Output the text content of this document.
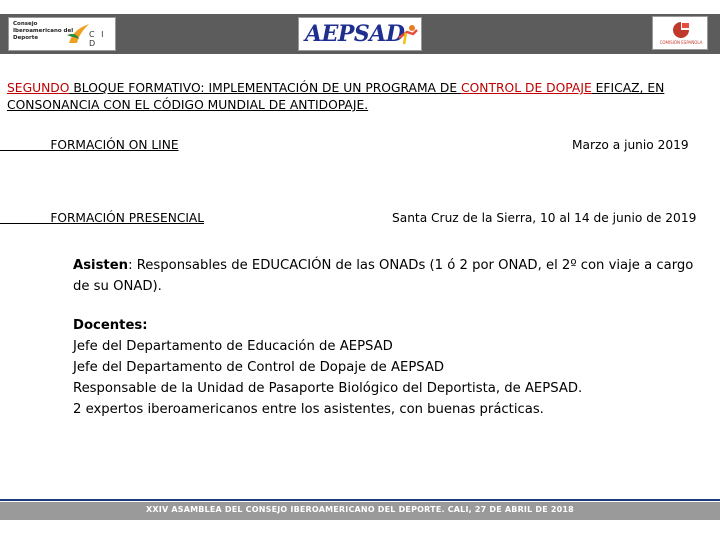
Consejo
Iberoamericano del
Deporte	C I D	AEPSAD	COMISIÓN ESPAÑOLA
SEGUNDO BLOQUE FORMATIVO: IMPLEMENTACIÓN DE UN PROGRAMA DE CONTROL DE DOPAJE EFICAZ, EN CONSONANCIA CON EL CÓDIGO MUNDIAL DE ANTIDOPAJE.
FORMACIÓN ON LINE	Marzo a junio 2019
FORMACIÓN PRESENCIAL	Santa Cruz de la Sierra, 10 al 14 de junio de 2019
Asisten: Responsables de EDUCACIÓN de las ONADs (1 ó 2 por ONAD, el 2º con viaje a cargo de su ONAD).
Docentes:
Jefe del Departamento de Educación de AEPSAD
Jefe del Departamento de Control de Dopaje de AEPSAD
Responsable de la Unidad de Pasaporte Biológico del Deportista, de AEPSAD.
2 expertos iberoamericanos entre los asistentes, con buenas prácticas.
XXIV ASAMBLEA DEL CONSEJO IBEROAMERICANO DEL DEPORTE. CALI, 27 DE ABRIL DE 2018
